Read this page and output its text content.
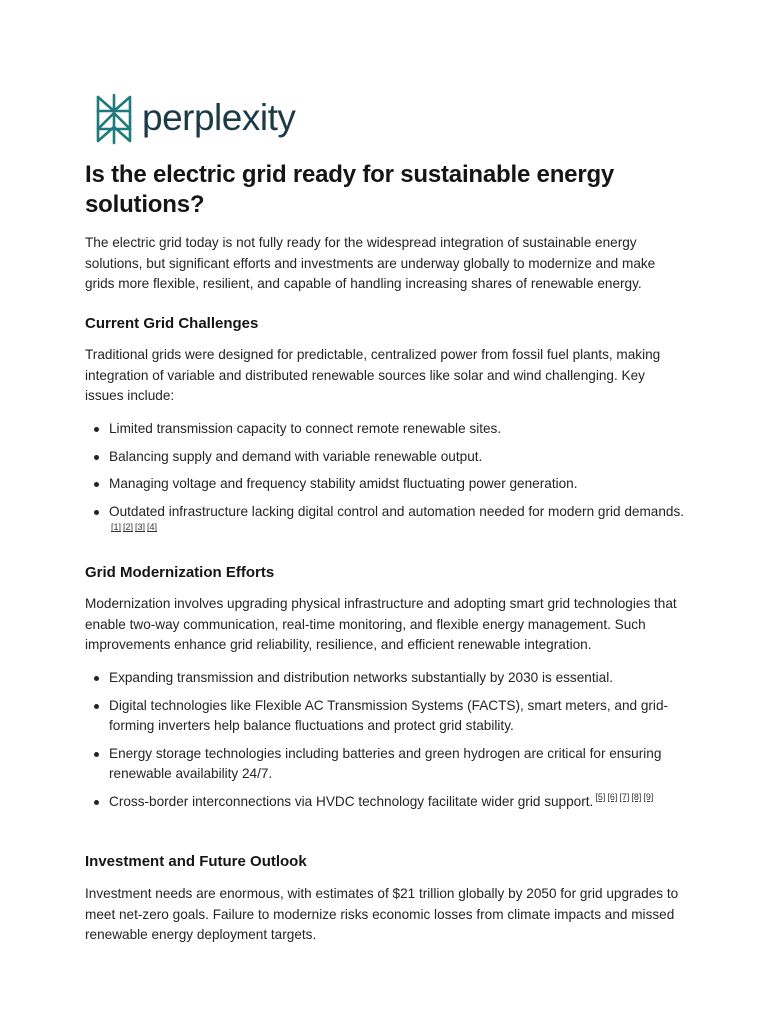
perplexity
Is the electric grid ready for sustainable energy solutions?

The electric grid today is not fully ready for the widespread integration of sustainable energy solutions, but significant efforts and investments are underway globally to modernize and make grids more flexible, resilient, and capable of handling increasing shares of renewable energy.

Current Grid Challenges

Traditional grids were designed for predictable, centralized power from fossil fuel plants, making integration of variable and distributed renewable sources like solar and wind challenging. Key issues include:

Limited transmission capacity to connect remote renewable sites.
Balancing supply and demand with variable renewable output.
Managing voltage and frequency stability amidst fluctuating power generation.
Outdated infrastructure lacking digital control and automation needed for modern grid demands.[1] [2] [3] [4]
Grid Modernization Efforts

Modernization involves upgrading physical infrastructure and adopting smart grid technologies that enable two-way communication, real-time monitoring, and flexible energy management. Such improvements enhance grid reliability, resilience, and efficient renewable integration.

Expanding transmission and distribution networks substantially by 2030 is essential.
Digital technologies like Flexible AC Transmission Systems (FACTS), smart meters, and grid-forming inverters help balance fluctuations and protect grid stability.
Energy storage technologies including batteries and green hydrogen are critical for ensuring renewable availability 24/7.
Cross-border interconnections via HVDC technology facilitate wider grid support. [5] [6] [7] [8] [9]
Investment and Future Outlook

Investment needs are enormous, with estimates of $21 trillion globally by 2050 for grid upgrades to meet net-zero goals. Failure to modernize risks economic losses from climate impacts and missed renewable energy deployment targets.
